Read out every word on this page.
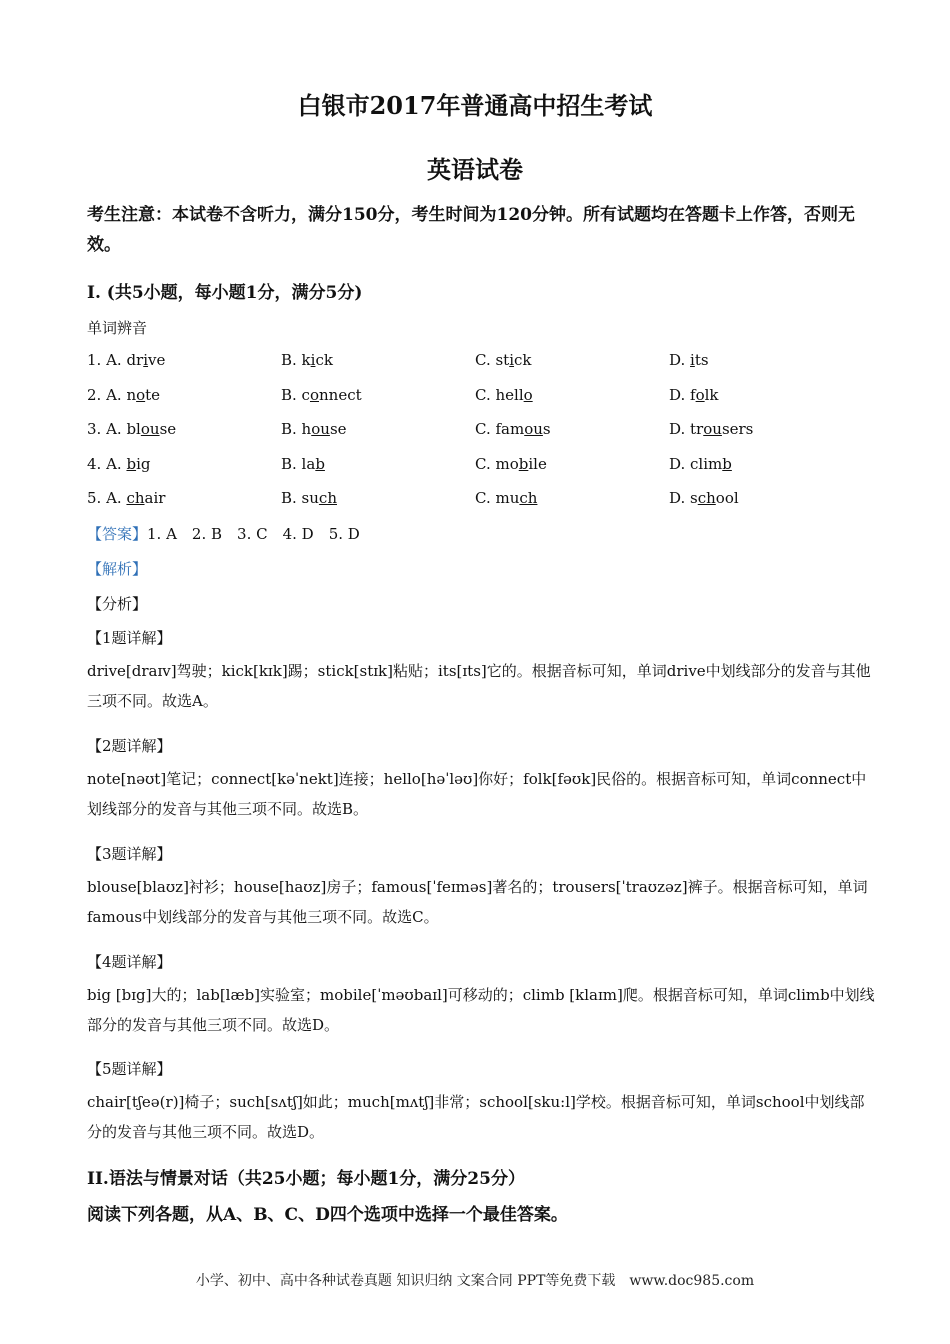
白银市2017年普通高中招生考试
英语试卷
考生注意：本试卷不含听力，满分150分，考生时间为120分钟。所有试题均在答题卡上作答，否则无效。
I. (共5小题，每小题1分，满分5分)
单词辨音
1. A. drive	B. kick	C. stick	D. its
2. A. note	B. connect	C. hello	D. folk
3. A. blouse	B. house	C. famous	D. trousers
4. A. big	B. lab	C. mobile	D. climb
5. A. chair	B. such	C. much	D. school
【答案】1. A　2. B　3. C　4. D　5. D
【解析】
【分析】
【1题详解】
drive[draɪv]驾驶；kick[kɪk]踢；stick[stɪk]粘贴；its[ɪts]它的。根据音标可知，单词drive中划线部分的发音与其他三项不同。故选A。
【2题详解】
note[nəʊt]笔记；connect[kəˈnekt]连接；hello[həˈləʊ]你好；folk[fəʊk]民俗的。根据音标可知，单词connect中划线部分的发音与其他三项不同。故选B。
【3题详解】
blouse[blaʊz]衬衫；house[haʊz]房子；famous[ˈfeɪməs]著名的；trousers[ˈtraʊzəz]裤子。根据音标可知，单词famous中划线部分的发音与其他三项不同。故选C。
【4题详解】
big [bɪg]大的；lab[læb]实验室；mobile[ˈməʊbaɪl]可移动的；climb [klaɪm]爬。根据音标可知，单词climb中划线部分的发音与其他三项不同。故选D。
【5题详解】
chair[tʃeə(r)]椅子；such[sʌtʃ]如此；much[mʌtʃ]非常；school[sku:l]学校。根据音标可知，单词school中划线部分的发音与其他三项不同。故选D。
II.语法与情景对话（共25小题；每小题1分，满分25分）
阅读下列各题，从A、B、C、D四个选项中选择一个最佳答案。
小学、初中、高中各种试卷真题 知识归纳 文案合同 PPT等免费下载　www.doc985.com
